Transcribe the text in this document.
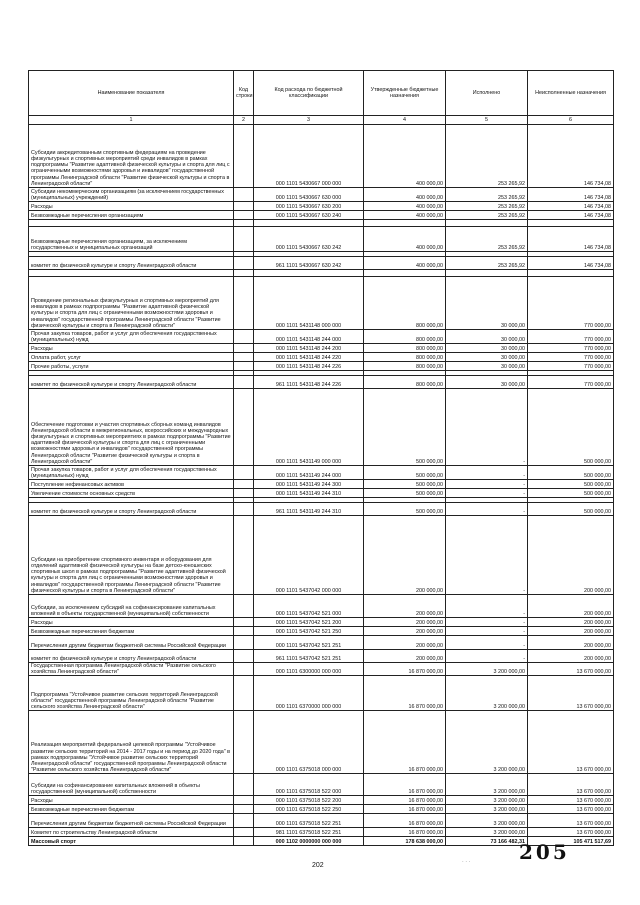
Наименование показателя	Код строки	Код расхода по бюджетной классификации	Утвержденные бюджетные назначения	Исполнено	Неисполненные назначения
1	2	3	4	5	6
Субсидии аккредитованным спортивным федерациям на проведение физкультурных и спортивных мероприятий среди инвалидов в рамках подпрограммы "Развитие адаптивной физической культуры и спорта для лиц с ограниченными возможностями здоровья и инвалидов" государственной программы Ленинградской области "Развитие физической культуры и спорта в Ленинградской области"		000 1101 5430667 000 000	400 000,00	253 265,92	146 734,08
Субсидии некоммерческим организациям (за исключением государственных (муниципальных) учреждений)		000 1101 5430667 630 000	400 000,00	253 265,92	146 734,08
Расходы		000 1101 5430667 630 200	400 000,00	253 265,92	146 734,08
Безвозмездные перечисления организациям		000 1101 5430667 630 240	400 000,00	253 265,92	146 734,08

Безвозмездные перечисления организациям, за исключением государственных и муниципальных организаций		000 1101 5430667 630 242	400 000,00	253 265,92	146 734,08

комитет по физической культуре и спорту Ленинградской области		961 1101 5430667 630 242	400 000,00	253 265,92	146 734,08

Проведение региональных физкультурных и спортивных мероприятий для инвалидов в рамках подпрограммы "Развитие адаптивной физической культуры и спорта для лиц с ограниченными возможностями здоровья и инвалидов" государственной программы Ленинградской области "Развитие физической культуры и спорта в Ленинградской области"		000 1101 5431148 000 000	800 000,00	30 000,00	770 000,00
Прочая закупка товаров, работ и услуг для обеспечения государственных (муниципальных) нужд		000 1101 5431148 244 000	800 000,00	30 000,00	770 000,00
Расходы		000 1101 5431148 244 200	800 000,00	30 000,00	770 000,00
Оплата работ, услуг		000 1101 5431148 244 220	800 000,00	30 000,00	770 000,00
Прочие работы, услуги		000 1101 5431148 244 226	800 000,00	30 000,00	770 000,00

комитет по физической культуре и спорту Ленинградской области		961 1101 5431148 244 226	800 000,00	30 000,00	770 000,00
Обеспечение подготовки и участия спортивных сборных команд инвалидов Ленинградской области в межрегиональных, всероссийских и международных физкультурных и спортивных мероприятиях в рамках подпрограммы "Развитие адаптивной физической культуры и спорта для лиц с ограниченными возможностями здоровья и инвалидов" государственной программы Ленинградской области "Развитие физической культуры и спорта в Ленинградской области"		000 1101 5431149 000 000	500 000,00	-	500 000,00
Прочая закупка товаров, работ и услуг для обеспечения государственных (муниципальных) нужд		000 1101 5431149 244 000	500 000,00	-	500 000,00
Поступление нефинансовых активов		000 1101 5431149 244 300	500 000,00	-	500 000,00
Увеличение стоимости основных средств		000 1101 5431149 244 310	500 000,00	-	500 000,00

комитет по физической культуре и спорту Ленинградской области		961 1101 5431149 244 310	500 000,00	-	500 000,00
Субсидии на приобретение спортивного инвентаря и оборудования для отделений адаптивной физической культуры на базе детско-юношеских спортивных школ в рамках подпрограммы "Развитие адаптивной физической культуры и спорта для лиц с ограниченными возможностями здоровья и инвалидов" государственной программы Ленинградской области "Развитие физической культуры и спорта в Ленинградской области"		000 1101 5437042 000 000	200 000,00	-	200 000,00
Субсидии, за исключением субсидий на софинансирование капитальных вложений в объекты государственной (муниципальной) собственности		000 1101 5437042 521 000	200 000,00	-	200 000,00
Расходы		000 1101 5437042 521 200	200 000,00	-	200 000,00
Безвозмездные перечисления бюджетам		000 1101 5437042 521 250	200 000,00	-	200 000,00
Перечисления другим бюджетам бюджетной системы Российской Федерации		000 1101 5437042 521 251	200 000,00	-	200 000,00
комитет по физической культуре и спорту Ленинградской области		961 1101 5437042 521 251	200 000,00	-	200 000,00
Государственная программа Ленинградской области "Развитие сельского хозяйства Ленинградской области"		000 1101 6300000 000 000	16 870 000,00	3 200 000,00	13 670 000,00
Подпрограмма "Устойчивое развитие сельских территорий Ленинградской области" государственной программы Ленинградской области "Развитие сельского хозяйства Ленинградской области"		000 1101 6370000 000 000	16 870 000,00	3 200 000,00	13 670 000,00
Реализация мероприятий федеральной целевой программы "Устойчивое развитие сельских территорий на 2014 - 2017 годы и на период до 2020 года" в рамках подпрограммы "Устойчивое развитие сельских территорий Ленинградской области" государственной программы Ленинградской области "Развитие сельского хозяйства Ленинградской области"		000 1101 6375018 000 000	16 870 000,00	3 200 000,00	13 670 000,00
Субсидии на софинансирование капитальных вложений в объекты государственной (муниципальной) собственности		000 1101 6375018 522 000	16 870 000,00	3 200 000,00	13 670 000,00
Расходы		000 1101 6375018 522 200	16 870 000,00	3 200 000,00	13 670 000,00
Безвозмездные перечисления бюджетам		000 1101 6375018 522 250	16 870 000,00	3 200 000,00	13 670 000,00
Перечисления другим бюджетам бюджетной системы Российской Федерации		000 1101 6375018 522 251	16 870 000,00	3 200 000,00	13 670 000,00
Комитет по строительству Ленинградской области		981 1101 6375018 522 251	16 870 000,00	3 200 000,00	13 670 000,00
Массовый спорт		000 1102 0000000 000 000	178 638 000,00	73 166 482,31	105 471 517,69
. . . 205
202
